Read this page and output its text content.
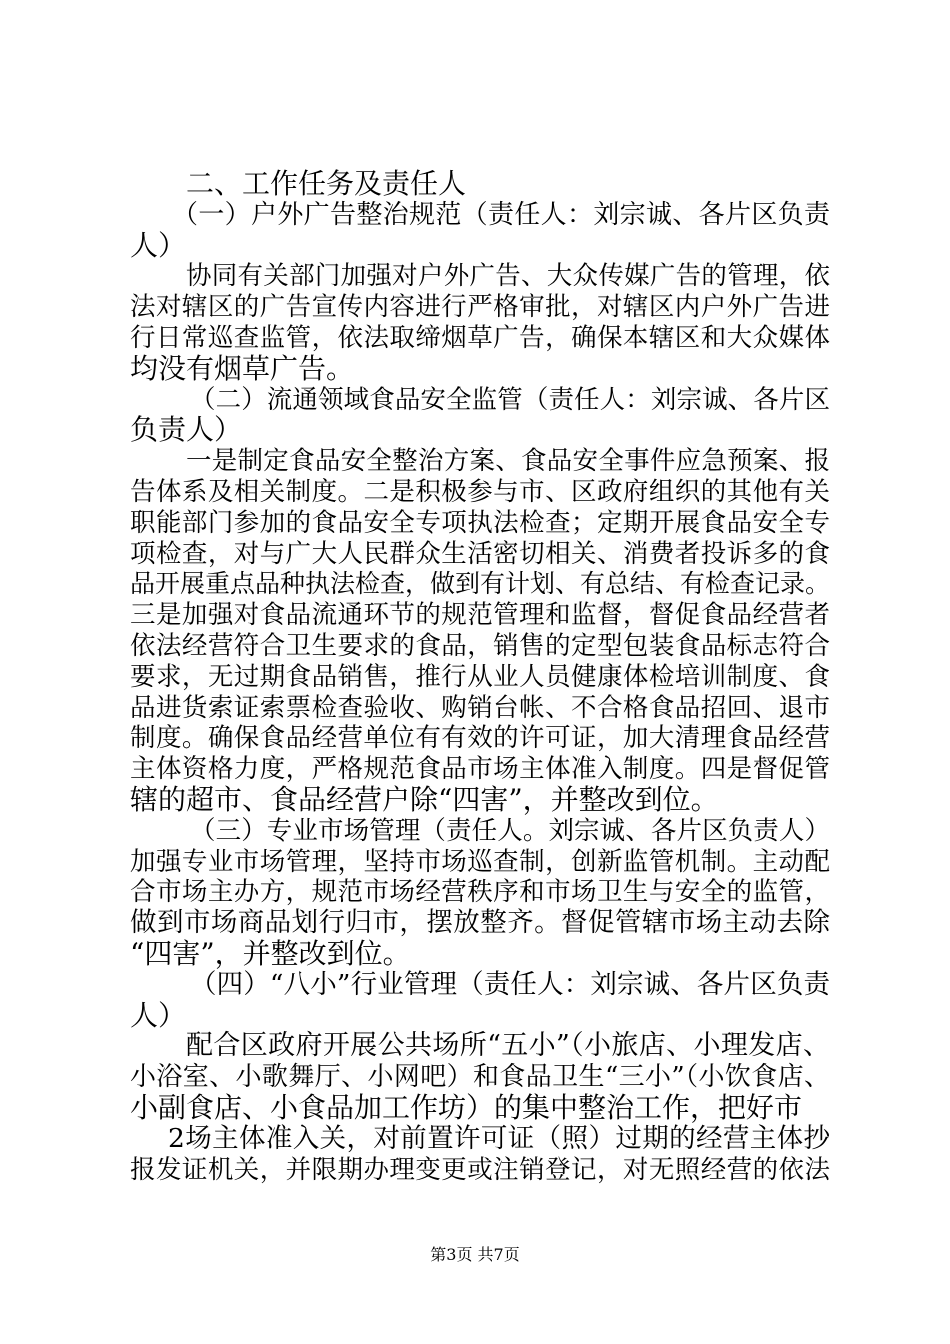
二、工作任务及责任人
（一）户外广告整治规范（责任人：刘宗诚、各片区负责
人）
协同有关部门加强对户外广告、大众传媒广告的管理，依
法对辖区的广告宣传内容进行严格审批，对辖区内户外广告进
行日常巡查监管，依法取缔烟草广告，确保本辖区和大众媒体
均没有烟草广告。
（二）流通领域食品安全监管（责任人：刘宗诚、各片区
负责人）
一是制定食品安全整治方案、食品安全事件应急预案、报
告体系及相关制度。二是积极参与市、区政府组织的其他有关
职能部门参加的食品安全专项执法检查；定期开展食品安全专
项检查，对与广大人民群众生活密切相关、消费者投诉多的食
品开展重点品种执法检查，做到有计划、有总结、有检查记录。
三是加强对食品流通环节的规范管理和监督，督促食品经营者
依法经营符合卫生要求的食品，销售的定型包装食品标志符合
要求，无过期食品销售，推行从业人员健康体检培训制度、食
品进货索证索票检查验收、购销台帐、不合格食品招回、退市
制度。确保食品经营单位有有效的许可证，加大清理食品经营
主体资格力度，严格规范食品市场主体准入制度。四是督促管
辖的超市、食品经营户除“四害”，并整改到位。
（三）专业市场管理（责任人。刘宗诚、各片区负责人）
加强专业市场管理，坚持市场巡查制，创新监管机制。主动配
合市场主办方，规范市场经营秩序和市场卫生与安全的监管，
做到市场商品划行归市，摆放整齐。督促管辖市场主动去除
“四害”，并整改到位。
（四）“八小”行业管理（责任人：刘宗诚、各片区负责
人）
配合区政府开展公共场所“五小”（小旅店、小理发店、
小浴室、小歌舞厅、小网吧）和食品卫生“三小”（小饮食店、
小副食店、小食品加工作坊）的集中整治工作，把好市
2场主体准入关，对前置许可证（照）过期的经营主体抄
报发证机关，并限期办理变更或注销登记，对无照经营的依法
第3页 共7页
